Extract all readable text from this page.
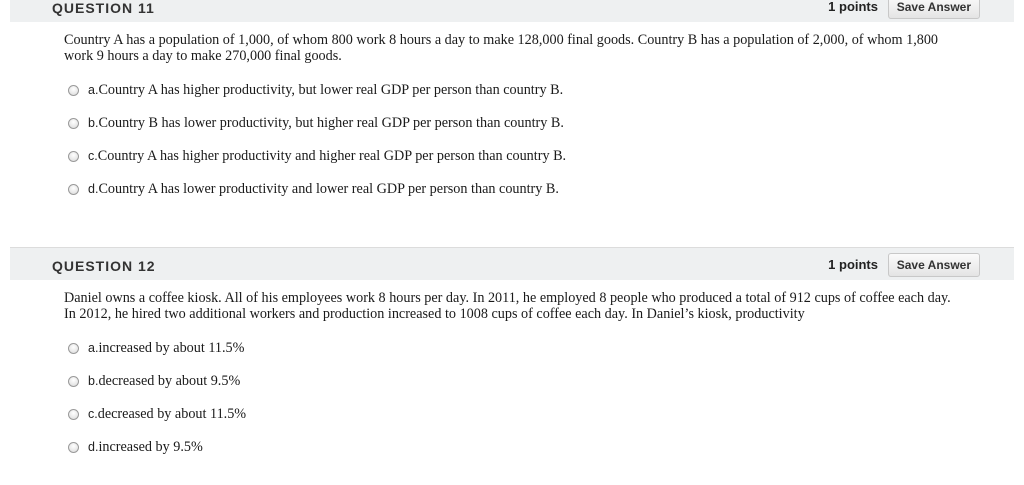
QUESTION 11	1 points	Save Answer
Country A has a population of 1,000, of whom 800 work 8 hours a day to make 128,000 final goods. Country B has a population of 2,000, of whom 1,800 work 9 hours a day to make 270,000 final goods.
a. Country A has higher productivity, but lower real GDP per person than country B.
b. Country B has lower productivity, but higher real GDP per person than country B.
c. Country A has higher productivity and higher real GDP per person than country B.
d. Country A has lower productivity and lower real GDP per person than country B.
QUESTION 12	1 points	Save Answer
Daniel owns a coffee kiosk. All of his employees work 8 hours per day. In 2011, he employed 8 people who produced a total of 912 cups of coffee each day. In 2012, he hired two additional workers and production increased to 1008 cups of coffee each day. In Daniel’s kiosk, productivity
a. increased by about 11.5%
b. decreased by about 9.5%
c. decreased by about 11.5%
d. increased by 9.5%
